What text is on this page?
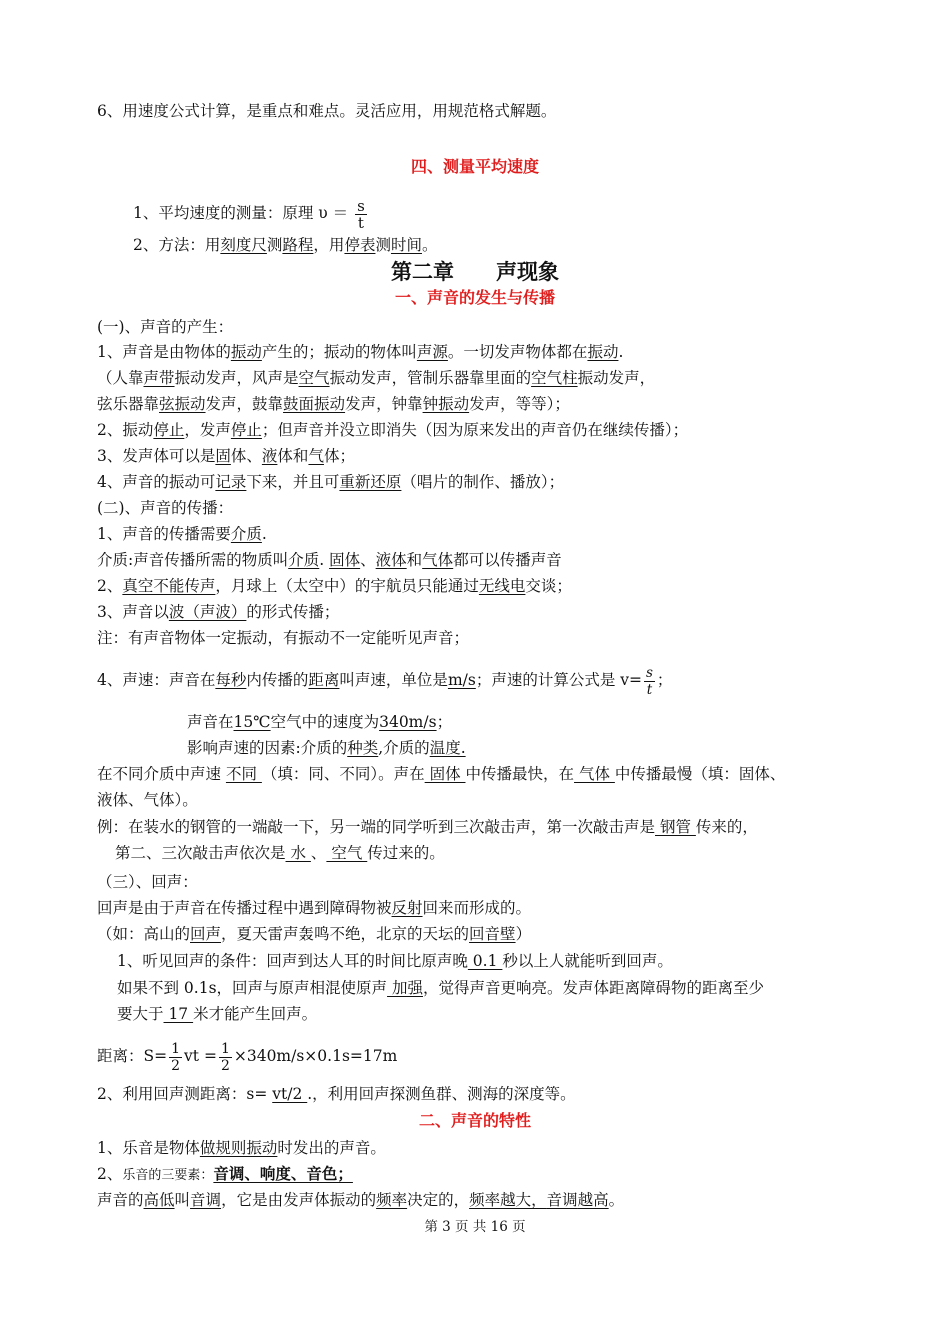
6、用速度公式计算，是重点和难点。灵活应用，用规范格式解题。
四、测量平均速度
1、平均速度的测量：原理 $\upsilon = \frac{s}{t}$
2、方法：用刻度尺测路程，用停表测时间。
第二章　　声现象
一、声音的发生与传播
(一)、声音的产生：
1、声音是由物体的振动产生的；振动的物体叫声源。一切发声物体都在振动.
（人靠声带振动发声，风声是空气振动发声，管制乐器靠里面的空气柱振动发声，
弦乐器靠弦振动发声，鼓靠鼓面振动发声，钟靠钟振动发声，等等）；
2、振动停止，发声停止；但声音并没立即消失（因为原来发出的声音仍在继续传播）；
3、发声体可以是固体、液体和气体；
4、声音的振动可记录下来，并且可重新还原（唱片的制作、播放）；
(二)、声音的传播：
1、声音的传播需要介质.
介质:声音传播所需的物质叫介质. 固体、液体和气体都可以传播声音
2、真空不能传声，月球上（太空中）的宇航员只能通过无线电交谈；
3、声音以波（声波）的形式传播；
注：有声音物体一定振动，有振动不一定能听见声音；
4、声速：声音在每秒内传播的距离叫声速，单位是m/s；声速的计算公式是 $v= \frac{s}{t}$ ；
声音在15℃空气中的速度为340m/s；
影响声速的因素:介质的种类,介质的温度.
在不同介质中声速 不同 （填：同、不同）。声在 固体 中传播最快，在 气体 中传播最慢（填：固体、
液体、气体）。
例：在装水的钢管的一端敲一下，另一端的同学听到三次敲击声，第一次敲击声是 钢管 传来的，
第二、三次敲击声依次是 水 、 空气 传过来的。
（三）、回声：
回声是由于声音在传播过程中遇到障碍物被反射回来而形成的。
（如：高山的回声，夏天雷声轰鸣不绝，北京的天坛的回音壁）
1、听见回声的条件：回声到达人耳的时间比原声晚 0.1 秒以上人就能听到回声。
如果不到 0.1s，回声与原声相混使原声 加强，觉得声音更响亮。发声体距离障碍物的距离至少
要大于 17 米才能产生回声。
距离：$S= \frac{1}{2}$ vt = $\frac{1}{2} \times 340m/s\times 0.1s=17m$
2、利用回声测距离：s= vt/2 .，利用回声探测鱼群、测海的深度等。
二、声音的特性
1、乐音是物体做规则振动时发出的声音。
2、乐音的三要素：音调、响度、音色；
声音的高低叫音调，它是由发声体振动的频率决定的，频率越大，音调越高。
第 3 页 共 16 页
